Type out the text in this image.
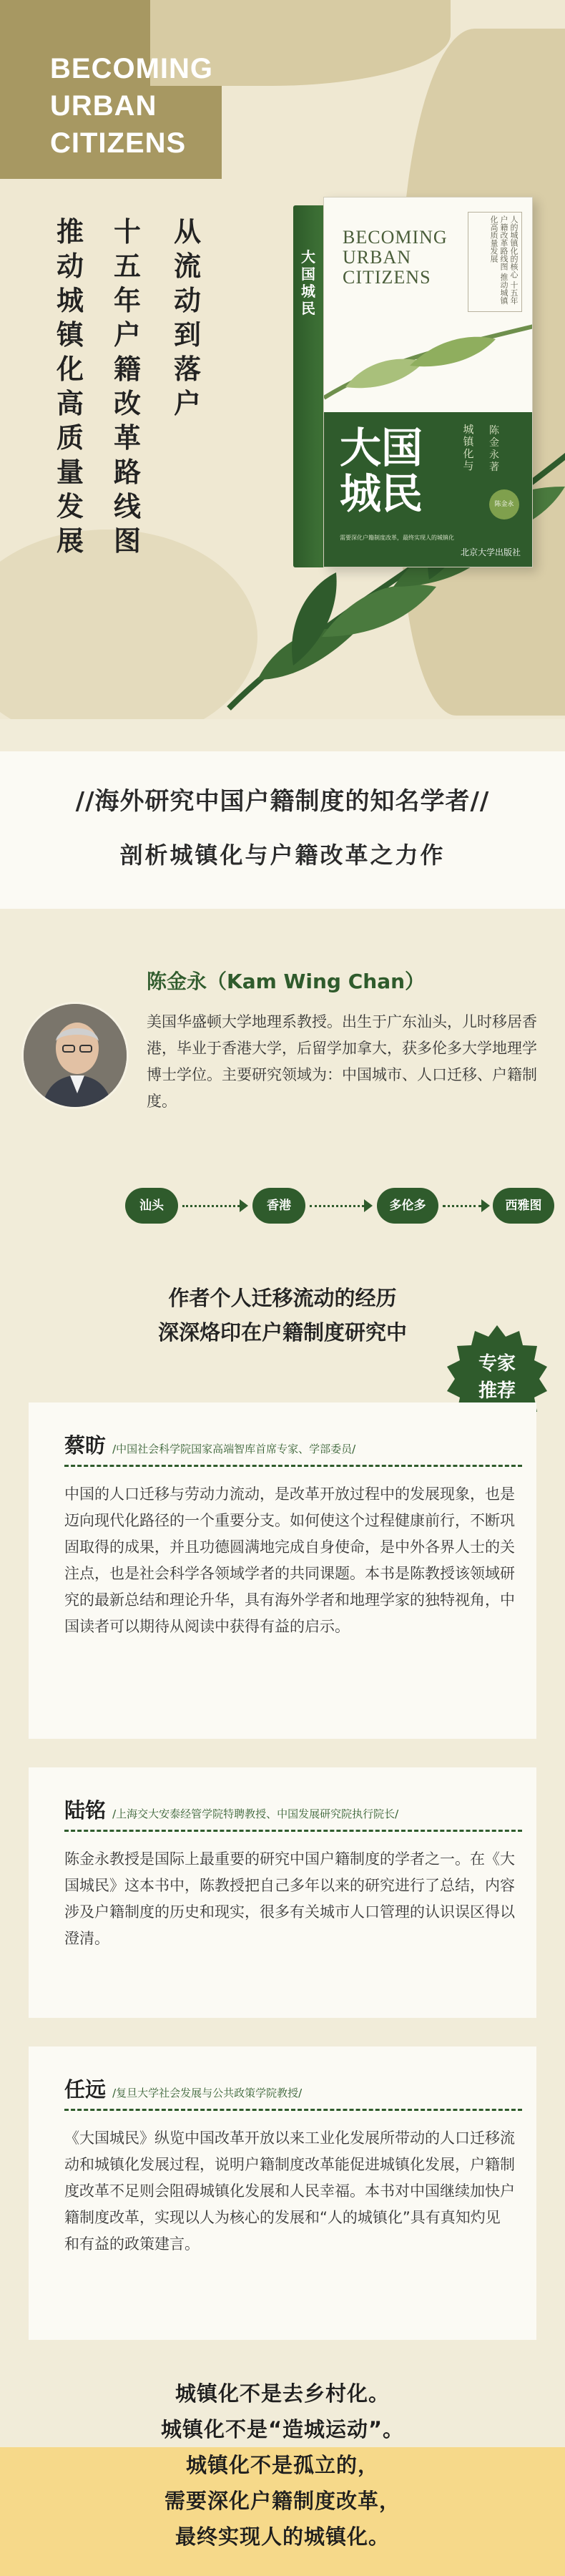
BECOMING
URBAN
CITIZENS
从流动到落户
十五年户籍改革路线图
推动城镇化高质量发展
大国城民
BECOMING
URBAN
CITIZENS	人的城镇化的核心 十五年户籍改革路线图 推动城镇化高质量发展
大国
城民
城镇化与
陈金永 著
陈金永
需要深化户籍制度改革，最终实现人的城镇化
北京大学出版社
//海外研究中国户籍制度的知名学者//
剖析城镇化与户籍改革之力作
陈金永（Kam Wing Chan）
美国华盛顿大学地理系教授。出生于广东汕头，儿时移居香港，毕业于香港大学，后留学加拿大，获多伦多大学地理学博士学位。主要研究领域为：中国城市、人口迁移、户籍制度。
汕头	香港	多伦多	西雅图
作者个人迁移流动的经历
深深烙印在户籍制度研究中
专家
推荐
蔡昉 /中国社会科学院国家高端智库首席专家、学部委员/
中国的人口迁移与劳动力流动，是改革开放过程中的发展现象，也是迈向现代化路径的一个重要分支。如何使这个过程健康前行，不断巩固取得的成果，并且功德圆满地完成自身使命，是中外各界人士的关注点，也是社会科学各领域学者的共同课题。本书是陈教授该领域研究的最新总结和理论升华，具有海外学者和地理学家的独特视角，中国读者可以期待从阅读中获得有益的启示。
陆铭 /上海交大安泰经管学院特聘教授、中国发展研究院执行院长/
陈金永教授是国际上最重要的研究中国户籍制度的学者之一。在《大国城民》这本书中，陈教授把自己多年以来的研究进行了总结，内容涉及户籍制度的历史和现实，很多有关城市人口管理的认识误区得以澄清。
任远 /复旦大学社会发展与公共政策学院教授/
《大国城民》纵览中国改革开放以来工业化发展所带动的人口迁移流动和城镇化发展过程，说明户籍制度改革能促进城镇化发展，户籍制度改革不足则会阻碍城镇化发展和人民幸福。本书对中国继续加快户籍制度改革，实现以人为核心的发展和“人的城镇化”具有真知灼见和有益的政策建言。
城镇化不是去乡村化。
城镇化不是“造城运动”。
城镇化不是孤立的，
需要深化户籍制度改革，
最终实现人的城镇化。
